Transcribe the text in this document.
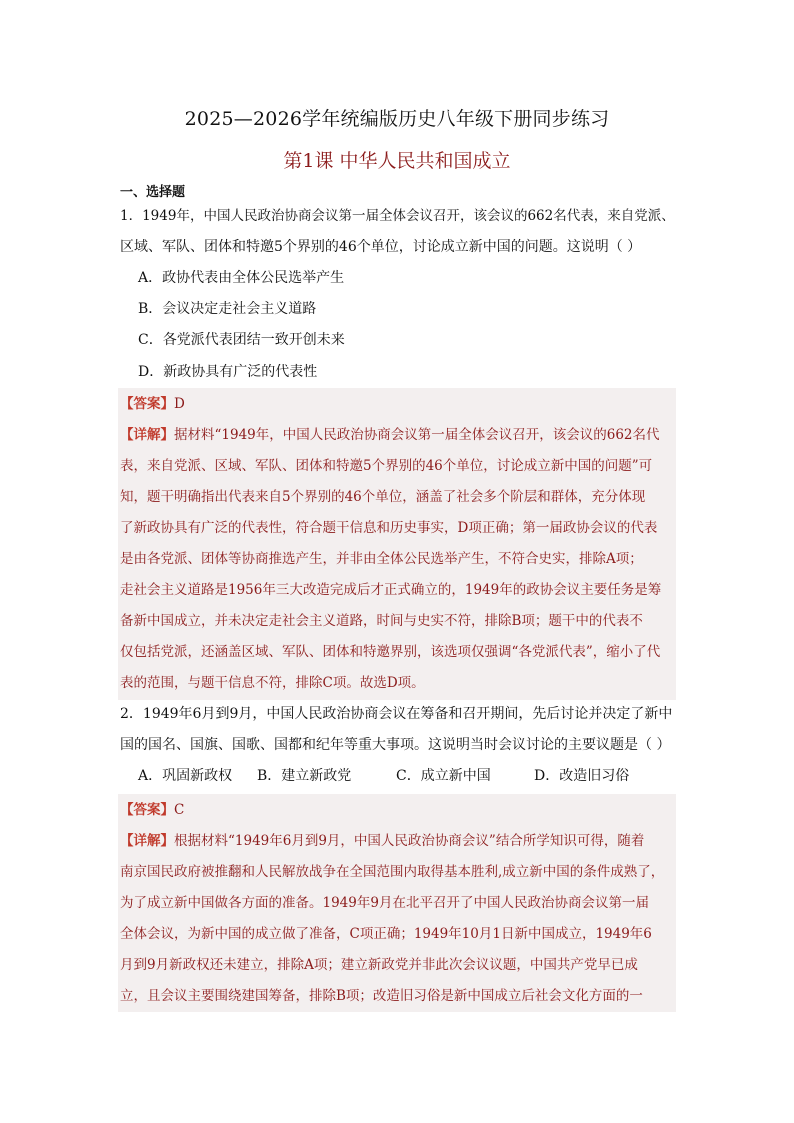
2025—2026学年统编版历史八年级下册同步练习
第1课 中华人民共和国成立
一、选择题
1．1949年，中国人民政治协商会议第一届全体会议召开，该会议的662名代表，来自党派、
区域、军队、团体和特邀5个界别的46个单位，讨论成立新中国的问题。这说明（ ）
A．政协代表由全体公民选举产生
B．会议决定走社会主义道路
C．各党派代表团结一致开创未来
D．新政协具有广泛的代表性
【答案】D
【详解】据材料“1949年，中国人民政治协商会议第一届全体会议召开，该会议的662名代
表，来自党派、区域、军队、团体和特邀5个界别的46个单位，讨论成立新中国的问题”可
知，题干明确指出代表来自5个界别的46个单位，涵盖了社会多个阶层和群体，充分体现
了新政协具有广泛的代表性，符合题干信息和历史事实，D项正确；第一届政协会议的代表
是由各党派、团体等协商推选产生，并非由全体公民选举产生，不符合史实，排除A项；
走社会主义道路是1956年三大改造完成后才正式确立的，1949年的政协会议主要任务是筹
备新中国成立，并未决定走社会主义道路，时间与史实不符，排除B项；题干中的代表不
仅包括党派，还涵盖区域、军队、团体和特邀界别，该选项仅强调“各党派代表”，缩小了代
表的范围，与题干信息不符，排除C项。故选D项。
2．1949年6月到9月，中国人民政治协商会议在筹备和召开期间，先后讨论并决定了新中
国的国名、国旗、国歌、国都和纪年等重大事项。这说明当时会议讨论的主要议题是（ ）
A．巩固新政权 B．建立新政党	C．成立新中国	D．改造旧习俗
【答案】C
【详解】根据材料“1949年6月到9月，中国人民政治协商会议”结合所学知识可得，随着
南京国民政府被推翻和人民解放战争在全国范围内取得基本胜利,成立新中国的条件成熟了，
为了成立新中国做各方面的准备。1949年9月在北平召开了中国人民政治协商会议第一届
全体会议，为新中国的成立做了准备，C项正确；1949年10月1日新中国成立，1949年6
月到9月新政权还未建立，排除A项；建立新政党并非此次会议议题，中国共产党早已成
立，且会议主要围绕建国筹备，排除B项；改造旧习俗是新中国成立后社会文化方面的一
